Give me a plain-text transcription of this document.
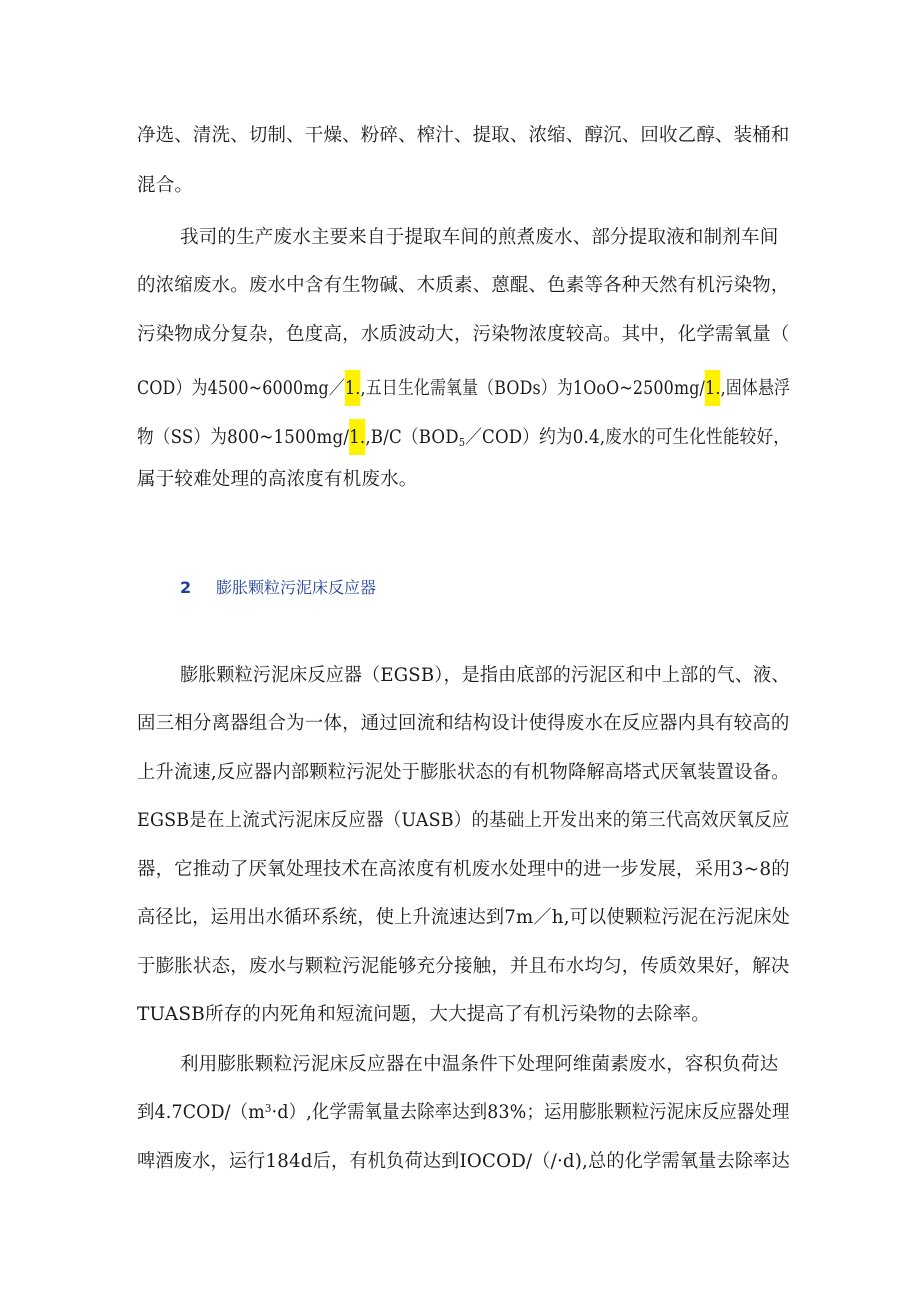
净选、清洗、切制、干燥、粉碎、榨汁、提取、浓缩、醇沉、回收乙醇、装桶和
混合。
我司的生产废水主要来自于提取车间的煎煮废水、部分提取液和制剂车间
的浓缩废水。废水中含有生物碱、木质素、蒽醌、色素等各种天然有机污染物，
污染物成分复杂，色度高，水质波动大，污染物浓度较高。其中，化学需氧量（
COD）为4500~6000mg／1.,五日生化需氧量（BODs）为1OoO~2500mg/1.,固体悬浮
物（SS）为$800\sim 1500mg/1.,B/C(BOD_5/COD)$约为0.4,废水的可生化性能较好，
属于较难处理的高浓度有机废水。
2 膨胀颗粒污泥床反应器
膨胀颗粒污泥床反应器（EGSB），是指由底部的污泥区和中上部的气、液、
固三相分离器组合为一体，通过回流和结构设计使得废水在反应器内具有较高的
上升流速,反应器内部颗粒污泥处于膨胀状态的有机物降解高塔式厌氧装置设备。
EGSB是在上流式污泥床反应器（UASB）的基础上开发出来的第三代高效厌氧反应
器，它推动了厌氧处理技术在高浓度有机废水处理中的进一步发展，采用3~8的
高径比，运用出水循环系统，使上升流速达到7m／h,可以使颗粒污泥在污泥床处
于膨胀状态，废水与颗粒污泥能够充分接触，并且布水均匀，传质效果好，解决
TUASB所存的内死角和短流问题，大大提高了有机污染物的去除率。
利用膨胀颗粒污泥床反应器在中温条件下处理阿维菌素废水，容积负荷达
到$4.7COD/(m^3\cdot d)$,化学需氧量去除率达到83%；运用膨胀颗粒污泥床反应器处理
啤酒废水，运行184d后，有机负荷达到IOCOD/（/·d),总的化学需氧量去除率达
